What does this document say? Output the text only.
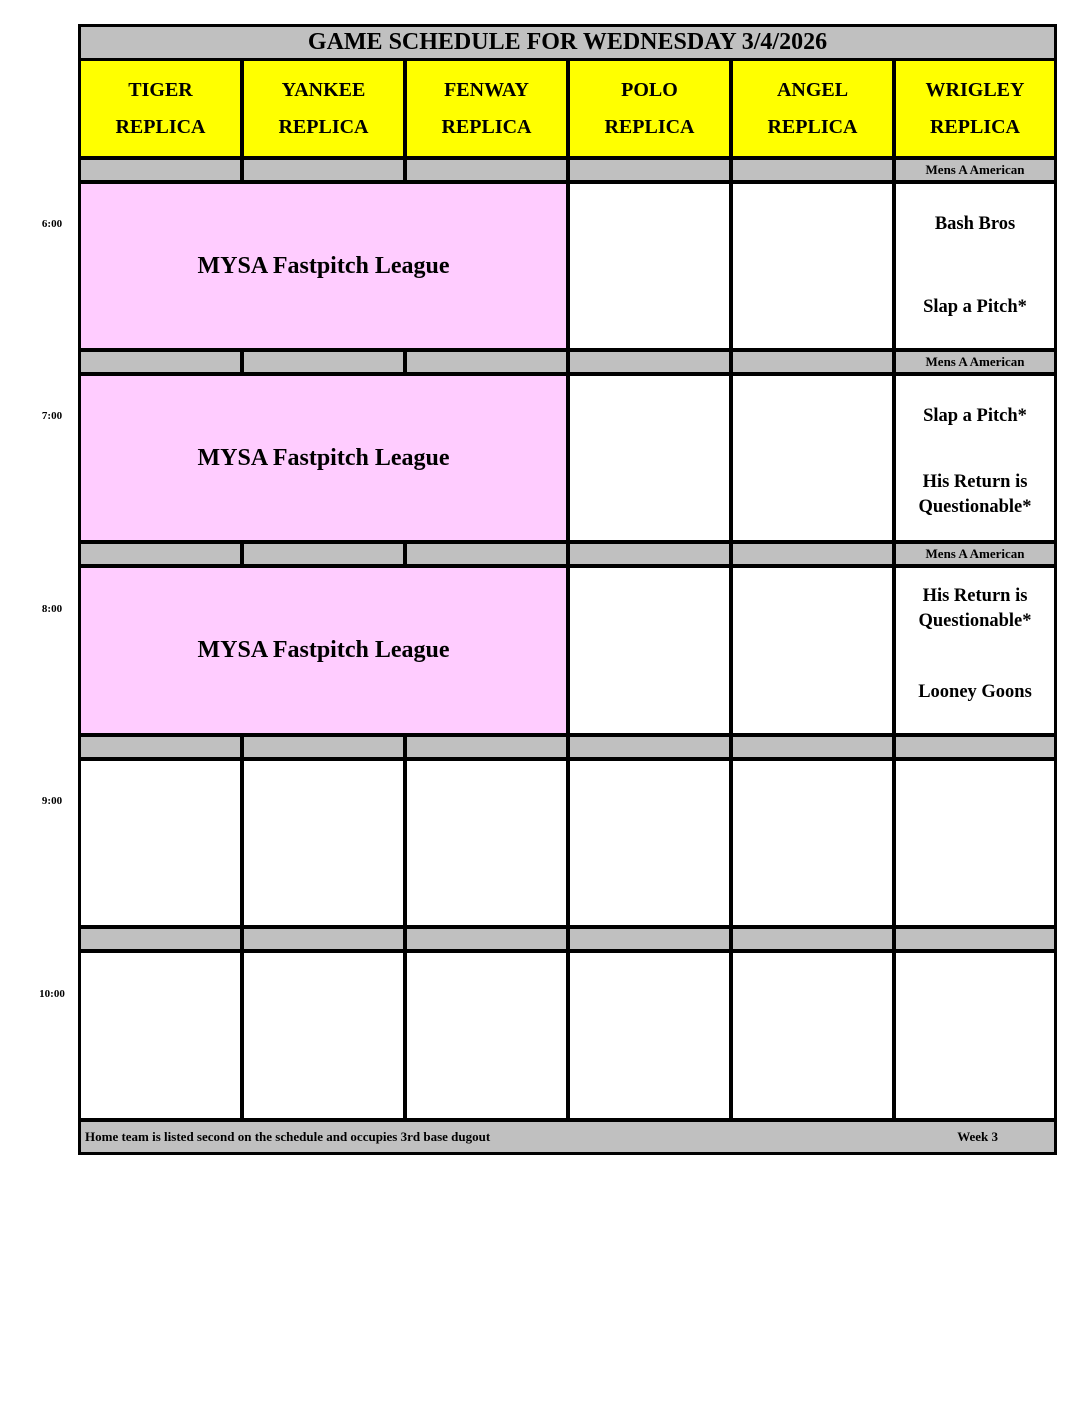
6:00
7:00
8:00
9:00
10:00
GAME SCHEDULE FOR WEDNESDAY 3/4/2026
TIGER
REPLICA
YANKEE
REPLICA
FENWAY
REPLICA
POLO
REPLICA
ANGEL
REPLICA
WRIGLEY
REPLICA
Mens A American
MYSA Fastpitch League
Bash Bros
Slap a Pitch*
Mens A American
MYSA Fastpitch League
Slap a Pitch*
His Return is Questionable*
Mens A American
MYSA Fastpitch League
His Return is Questionable*
Looney Goons
Home team is listed second on the schedule and occupies 3rd base dugout	Week 3
